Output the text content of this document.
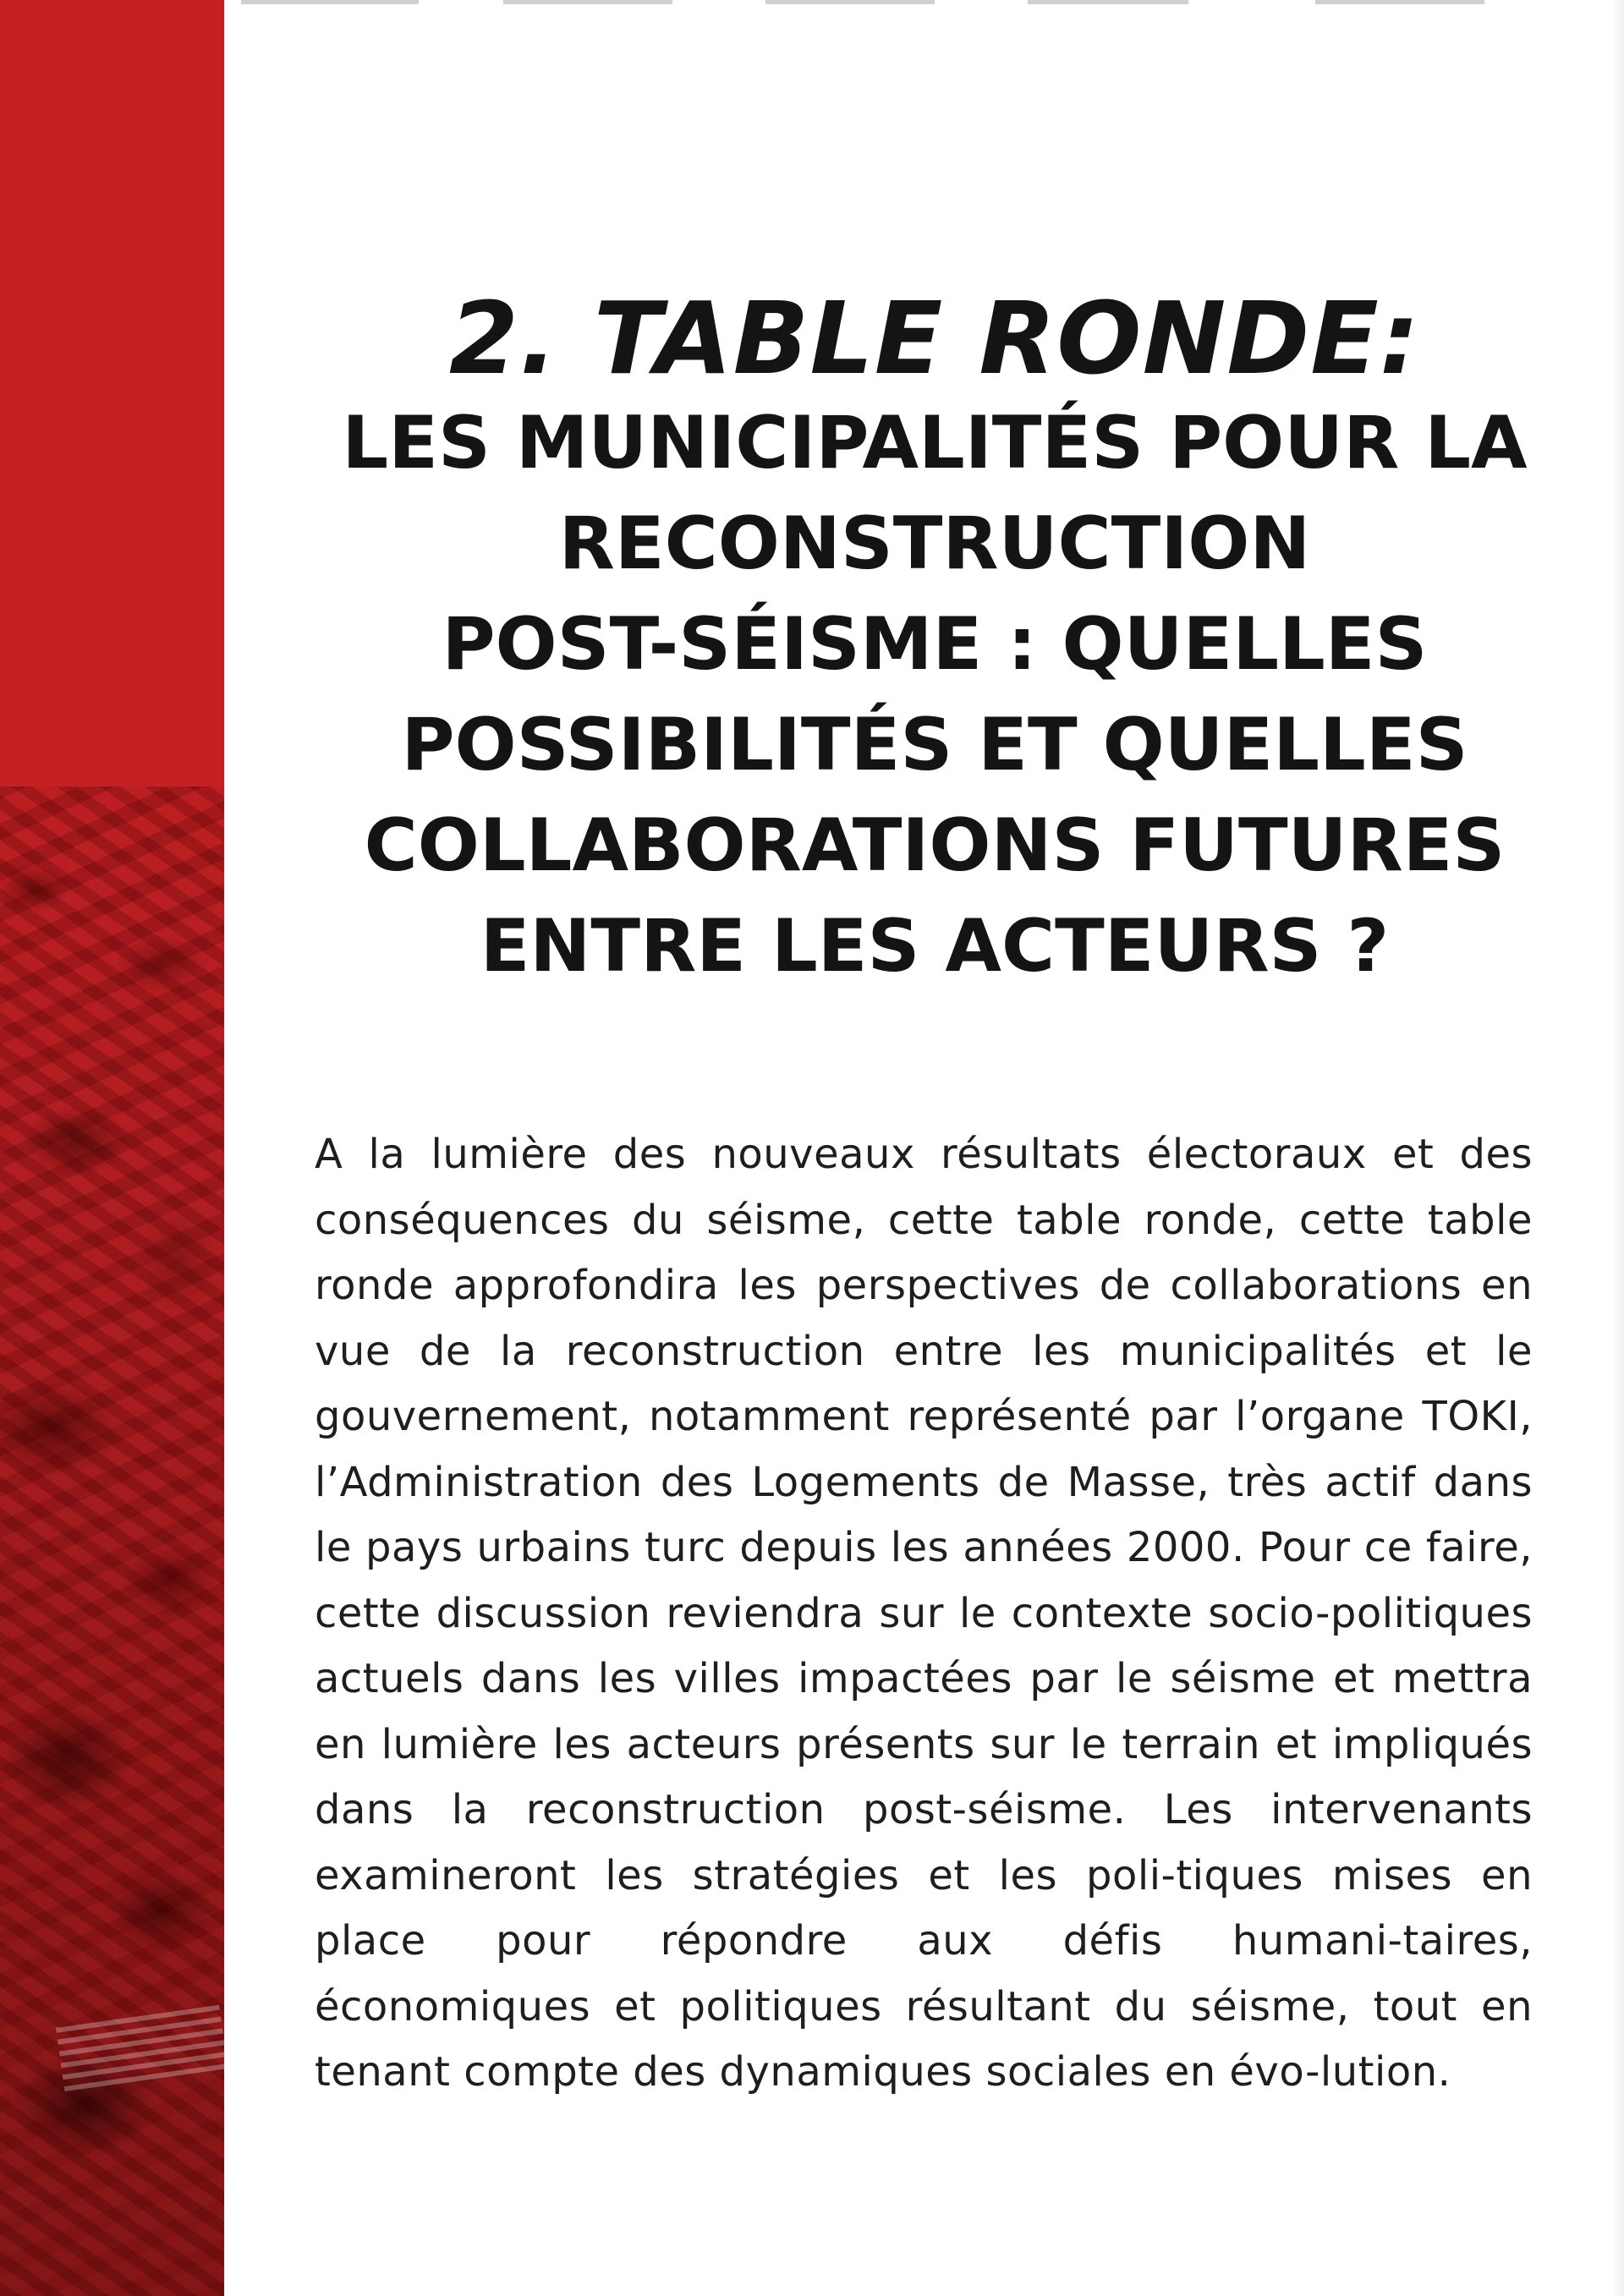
2. TABLE RONDE:
LES MUNICIPALITÉS POUR LA
RECONSTRUCTION
POST-SÉISME : QUELLES
POSSIBILITÉS ET QUELLES
COLLABORATIONS FUTURES
ENTRE LES ACTEURS ?

A la lumière des nouveaux résultats électoraux et des conséquences du séisme, cette table ronde, cette table ronde approfondira les perspectives de collaborations en vue de la reconstruction entre les municipalités et le gouvernement, notamment représenté par l’organe TOKI, l’Administration des Logements de Masse, très actif dans le pays urbains turc depuis les années 2000. Pour ce faire, cette discussion reviendra sur le contexte socio-politiques actuels dans les villes impactées par le séisme et mettra en lumière les acteurs présents sur le terrain et impliqués dans la reconstruction post-séisme. Les intervenants examineront les stratégies et les poli-tiques mises en place pour répondre aux défis humani-taires, économiques et politiques résultant du séisme, tout en tenant compte des dynamiques sociales en évo-lution.
